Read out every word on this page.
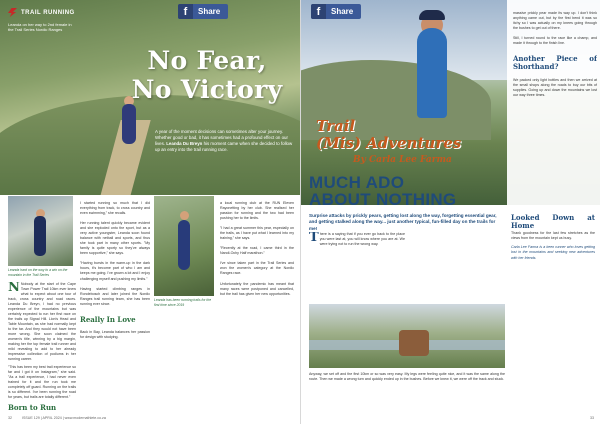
TRAIL RUNNING
Leanda on her way to 2nd female in the Trail Series Nordic Ranges
f	Share
No Fear,
No Victory
A year of the moment decisions can sometimes alter your journey. Whether good or bad, it has sometimes had a profound effect on our lives. Leanda Du Breyn his moment came when she decided to follow up an entry into the trail running race.
Leanda hard on the way to a win on the mountain in the Trail Series
N Nobody at the start of the Cape Town Power Trail 10km ever knew what to expect about one tour of track, cross country and road races. Leanda Du Breyn, I had no previous experience of the mountains but was certainly expected to run her first race on the trails up Signal Hill. Lion's Head and Table Mountain, as she had normally kept to the tar. And they would not have been more wrong. She soon claimed the women's title, winning by a big margin, making her the top female trail runner and mild revealing to add to her already impressive collection of podiums in her running career.
"This has been my best trail experience so far and I got it on Instagram," she said. "As a trail experience, I had never even trained for it and the run took me completely off guard. Running on the trails is so different. I've been running the road for years, but trails are totally different."
Born to Run

I started running so much that I did everything from track, to cross country and even swimming," she recalls.

Her running talent quickly became evident and she exploded onto the sport, but as a very active youngster, Leanda soon found balance with netball and sports, and thus she took part in many other sports. "My family is quite sporty so they've always been supportive," she says.

"Having bursts in the warm-up in the dark hours, it's become part of who I am and keeps me going. I've grown a lot and I enjoy challenging myself and pushing my limits."

Having started climbing ranges in Rondebosch and later joined the Nordic Ranges trail running team, she has been running ever since.

Really In Love

Back in Bay, Leanda balances her passion for design with studying.

Leanda has been running trails for the first time since 2019

a local running club at the RUN Eleven Rayonetting by her club. She realised her passion for running and the two had been pushing her to the limits.

"I had a great summer this year, especially on the trails, as I have put what I learned into my training," she says.

"Recently at the road, I came third in the Nandi-Ochy Half marathon."

I've since taken part in the Trail Series and won the women's category at the Nordic Ranges race.

Unfortunately the pandemic has meant that many races were postponed and cancelled, but the trail has given her new opportunities.

32	ISSUE 129 | APRIL 2024 | www.modernathlete.co.za
f	Share	massive prickly pear made its way up. I don't think anything came out, but by the first bend it was so itchy so I was actually on my knees going through the bushes to get out of there.

Still, I turned round to the race like a champ, and made it through to the finish line.

Another Piece of Shorthand?

We packed only light bottles and then we arrived at the small shops along the roads to buy our bits of supplies. Going up and down the mountains we lost our way three times.

Trail
(Mis) Adventures
By Carla Lee Farma
MUCH ADO
ABOUT NOTHING
Surprise attacks by prickly pears, getting lost along the way, forgetting essential gear, and getting stalked along the way... just another typical, fun-filled day on the trails for me!
T here is a saying that if you ever go back to the place you were last at, you will know where you are at. We were trying not to run the wrong way.
Anyway, we set off and the first 10km or so was very easy. My legs were feeling quite nice, and it was the same along the route. Then we made a wrong turn and quickly ended up in the bushes. Before we knew it, we were off the track and stuck.
Looked Down at Home
Thank goodness for the last few stretches as the views from the mountain kept us busy.
Carla Lee Farma is a keen runner who loves getting lost in the mountains and seeking new adventures with her friends.
33
